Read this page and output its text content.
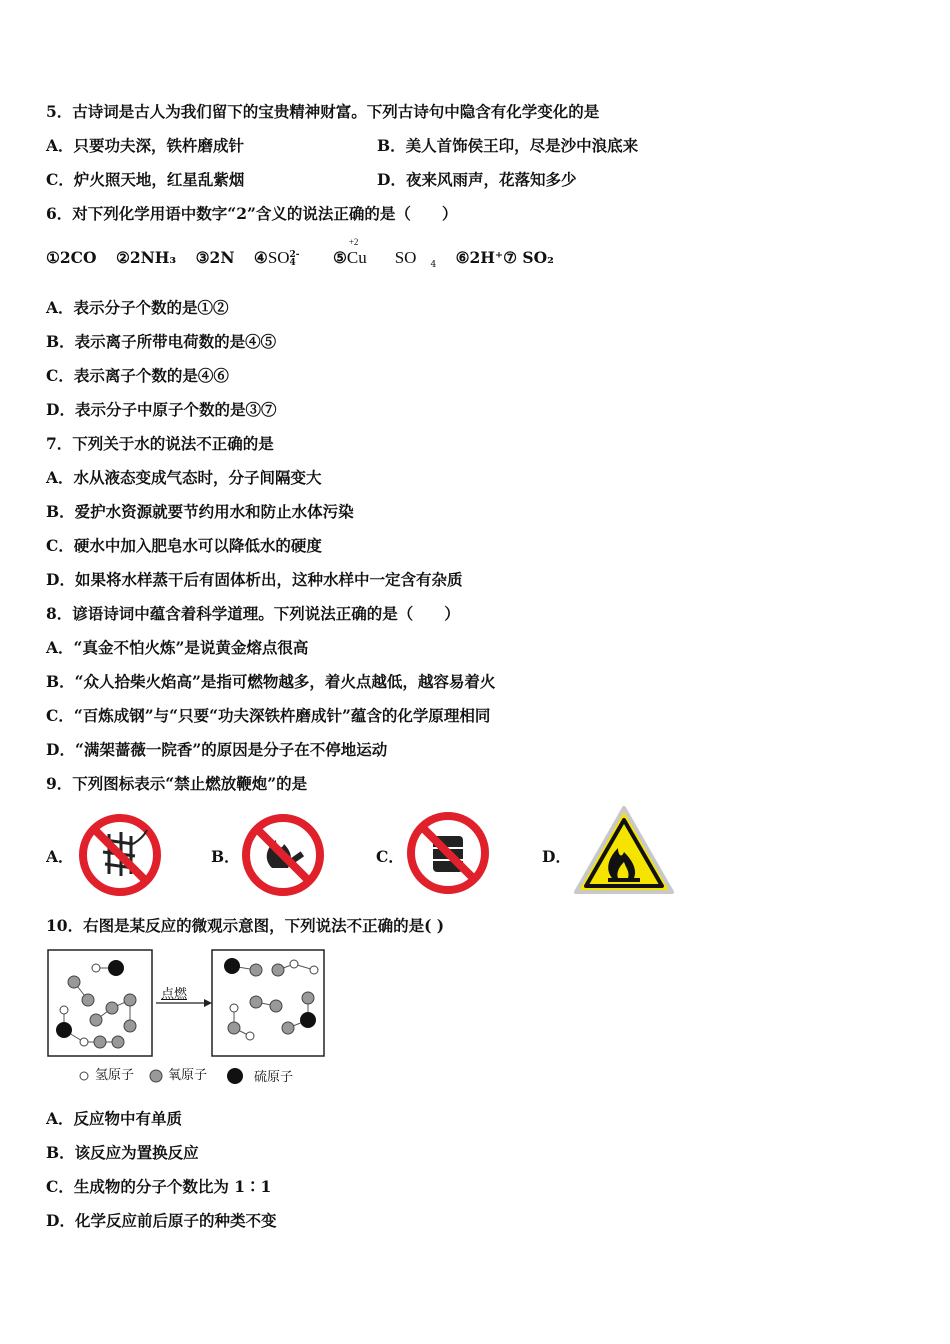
5．古诗词是古人为我们留下的宝贵精神财富。下列古诗句中隐含有化学变化的是
A．只要功夫深，铁杵磨成针	B．美人首饰侯王印，尽是沙中浪底来
C．炉火照天地，红星乱紫烟	D．夜来风雨声，花落知多少
6．对下列化学用语中数字“2”含义的说法正确的是（　　）
①2CO ②2NH₃ ③2N ④SO2-
4 ⑤
+2
Cu SO $_4$ ⑥2H⁺⑦ SO₂
A．表示分子个数的是①②
B．表示离子所带电荷数的是④⑤
C．表示离子个数的是④⑥
D．表示分子中原子个数的是③⑦
7．下列关于水的说法不正确的是
A．水从液态变成气态时，分子间隔变大
B．爱护水资源就要节约用水和防止水体污染
C．硬水中加入肥皂水可以降低水的硬度
D．如果将水样蒸干后有固体析出，这种水样中一定含有杂质
8．谚语诗词中蕴含着科学道理。下列说法正确的是（　　）
A．“真金不怕火炼”是说黄金熔点很高
B．“众人拾柴火焰高”是指可燃物越多，着火点越低，越容易着火
C．“百炼成钢”与“只要“功夫深铁杵磨成针”蕴含的化学原理相同
D．“满架蔷薇一院香”的原因是分子在不停地运动
9．下列图标表示“禁止燃放鞭炮”的是
A．	B．	C．	D．
10．右图是某反应的微观示意图，下列说法不正确的是( )
点燃
氢原子	氧原子	硫原子
A．反应物中有单质
B．该反应为置换反应
C．生成物的分子个数比为 1∶1
D．化学反应前后原子的种类不变
